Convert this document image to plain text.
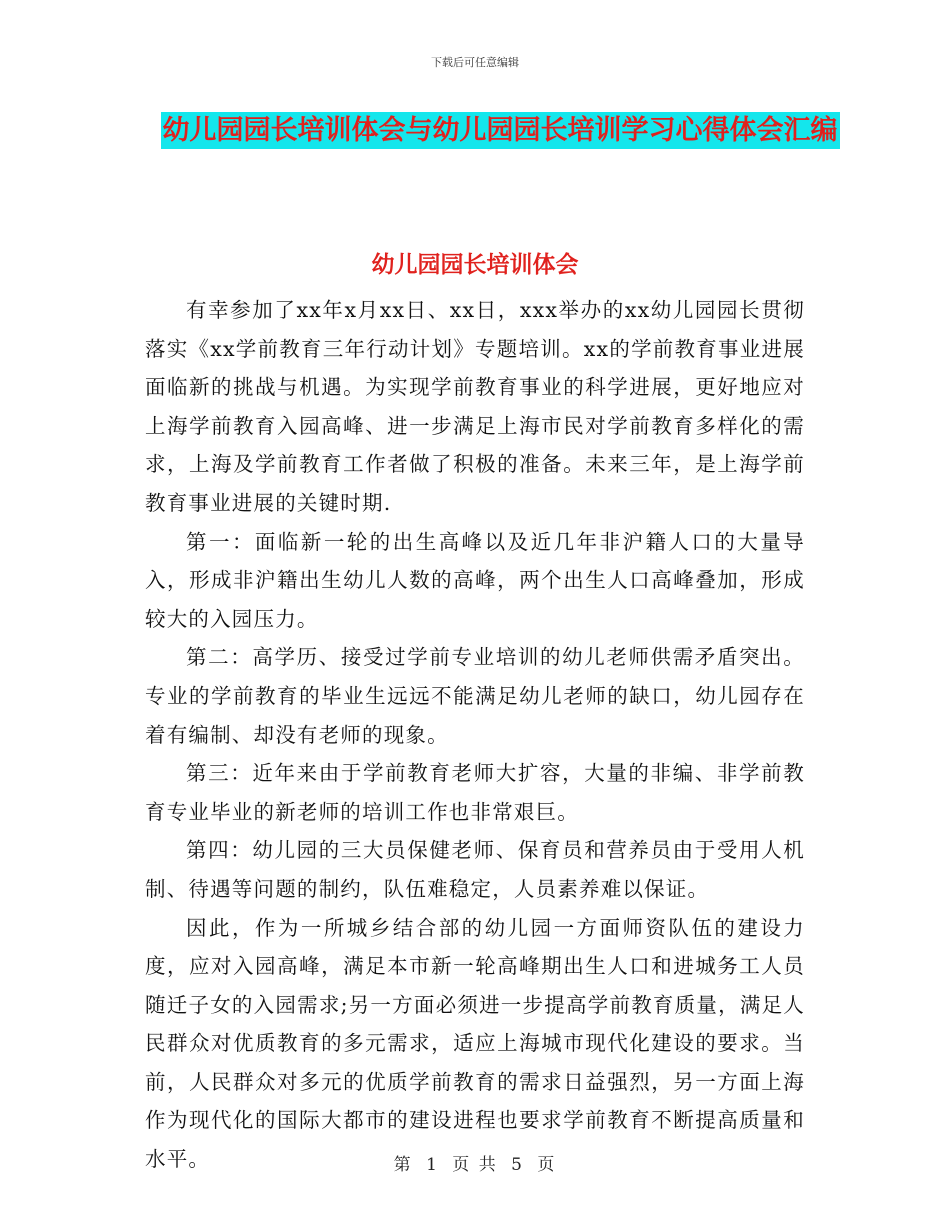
下载后可任意编辑
幼儿园园长培训体会与幼儿园园长培训学习心得体会汇编
幼儿园园长培训体会

有幸参加了xx年x月xx日、xx日，xxx举办的xx幼儿园园长贯彻落实《xx学前教育三年行动计划》专题培训。xx的学前教育事业进展面临新的挑战与机遇。为实现学前教育事业的科学进展，更好地应对上海学前教育入园高峰、进一步满足上海市民对学前教育多样化的需求，上海及学前教育工作者做了积极的准备。未来三年，是上海学前教育事业进展的关键时期.

第一：面临新一轮的出生高峰以及近几年非沪籍人口的大量导入，形成非沪籍出生幼儿人数的高峰，两个出生人口高峰叠加，形成较大的入园压力。

第二：高学历、接受过学前专业培训的幼儿老师供需矛盾突出。专业的学前教育的毕业生远远不能满足幼儿老师的缺口，幼儿园存在着有编制、却没有老师的现象。

第三：近年来由于学前教育老师大扩容，大量的非编、非学前教育专业毕业的新老师的培训工作也非常艰巨。

第四：幼儿园的三大员保健老师、保育员和营养员由于受用人机制、待遇等问题的制约，队伍难稳定，人员素养难以保证。

因此，作为一所城乡结合部的幼儿园一方面师资队伍的建设力度，应对入园高峰，满足本市新一轮高峰期出生人口和进城务工人员随迁子女的入园需求;另一方面必须进一步提高学前教育质量，满足人民群众对优质教育的多元需求，适应上海城市现代化建设的要求。当前，人民群众对多元的优质学前教育的需求日益强烈，另一方面上海作为现代化的国际大都市的建设进程也要求学前教育不断提高质量和水平。	第 1 页 共 5 页
